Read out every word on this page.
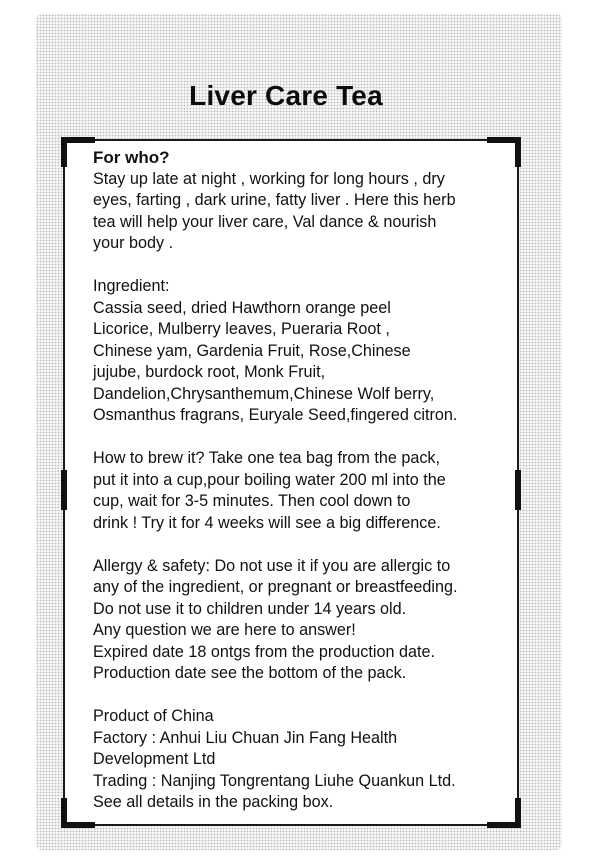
Liver Care Tea

For who?

Stay up late at night , working for long hours , dry

eyes, farting , dark urine, fatty liver . Here this herb

tea will help your liver care, Val dance & nourish

your body .

Ingredient:

Cassia seed, dried Hawthorn orange peel

Licorice, Mulberry leaves, Pueraria Root ,

Chinese yam, Gardenia Fruit, Rose,Chinese

jujube, burdock root, Monk Fruit,

Dandelion,Chrysanthemum,Chinese Wolf berry,

Osmanthus fragrans, Euryale Seed,fingered citron.

How to brew it? Take one tea bag from the pack,

put it into a cup,pour boiling water 200 ml into the

cup, wait for 3-5 minutes. Then cool down to

drink ! Try it for 4 weeks will see a big difference.

Allergy & safety: Do not use it if you are allergic to

any of the ingredient, or pregnant or breastfeeding.

Do not use it to children under 14 years old.

Any question we are here to answer!

Expired date 18 ontgs from the production date.

Production date see the bottom of the pack.

Product of China

Factory : Anhui Liu Chuan Jin Fang Health

Development Ltd

Trading : Nanjing Tongrentang Liuhe Quankun Ltd.

See all details in the packing box.
